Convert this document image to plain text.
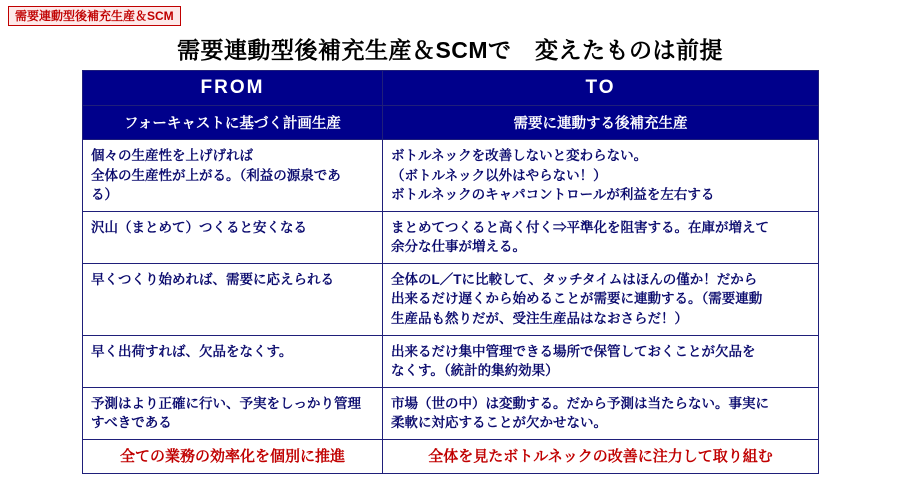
需要連動型後補充生産＆SCM
需要連動型後補充生産＆SCMで　変えたものは前提
FROM	TO
フォーキャストに基づく計画生産	需要に連動する後補充生産

個々の生産性を上げげれば
全体の生産性が上がる。（利益の源泉であ
る）	ボトルネックを改善しないと変わらない。
（ボトルネック以外はやらない！）
ボトルネックのキャパコントロールが利益を左右する

沢山（まとめて）つくると安くなる	まとめてつくると高く付く⇒平準化を阻害する。在庫が増えて
余分な仕事が増える。

早くつくり始めれば、需要に応えられる	全体のL／Tに比較して、タッチタイムはほんの僅か！だから
出来るだけ遅くから始めることが需要に連動する。（需要連動
生産品も然りだが、受注生産品はなおさらだ！）

早く出荷すれば、欠品をなくす。	出来るだけ集中管理できる場所で保管しておくことが欠品を
なくす。（統計的集約効果）

予測はより正確に行い、予実をしっかり管理
すべきである	市場（世の中）は変動する。だから予測は当たらない。事実に
柔軟に対応することが欠かせない。

全ての業務の効率化を個別に推進	全体を見たボトルネックの改善に注力して取り組む
